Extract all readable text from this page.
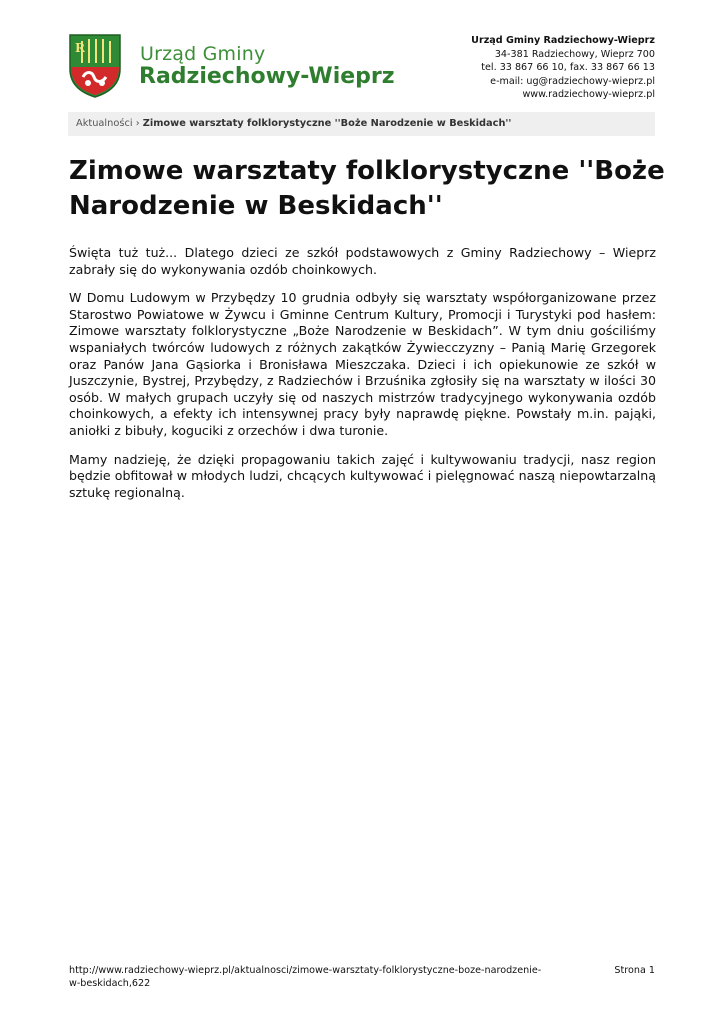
R	Urząd Gminy
Radziechowy-Wieprz
Urząd Gminy Radziechowy-Wieprz
34-381 Radziechowy, Wieprz 700
tel. 33 867 66 10, fax. 33 867 66 13
e-mail: ug@radziechowy-wieprz.pl
www.radziechowy-wieprz.pl
Aktualności › Zimowe warsztaty folklorystyczne ''Boże Narodzenie w Beskidach''
Zimowe warsztaty folklorystyczne ''Boże Narodzenie w Beskidach''

Święta tuż tuż... Dlatego dzieci ze szkół podstawowych z Gminy Radziechowy – Wieprz zabrały się do wykonywania ozdób choinkowych.

W Domu Ludowym w Przybędzy 10 grudnia odbyły się warsztaty współorganizowane przez Starostwo Powiatowe w Żywcu i Gminne Centrum Kultury, Promocji i Turystyki pod hasłem: Zimowe warsztaty folklorystyczne „Boże Narodzenie w Beskidach”. W tym dniu gościliśmy wspaniałych twórców ludowych z różnych zakątków Żywiecczyzny – Panią Marię Grzegorek oraz Panów Jana Gąsiorka i Bronisława Mieszczaka. Dzieci i ich opiekunowie ze szkół w Juszczynie, Bystrej, Przybędzy, z Radziechów i Brzuśnika zgłosiły się na warsztaty w ilości 30 osób. W małych grupach uczyły się od naszych mistrzów tradycyjnego wykonywania ozdób choinkowych, a efekty ich intensywnej pracy były naprawdę piękne. Powstały m.in. pająki, aniołki z bibuły, koguciki z orzechów i dwa turonie.

Mamy nadzieję, że dzięki propagowaniu takich zajęć i kultywowaniu tradycji, nasz region będzie obfitował w młodych ludzi, chcących kultywować i pielęgnować naszą niepowtarzalną sztukę regionalną.

http://www.radziechowy-wieprz.pl/aktualnosci/zimowe-warsztaty-folklorystyczne-boze-narodzenie-w-beskidach,622
Strona 1
